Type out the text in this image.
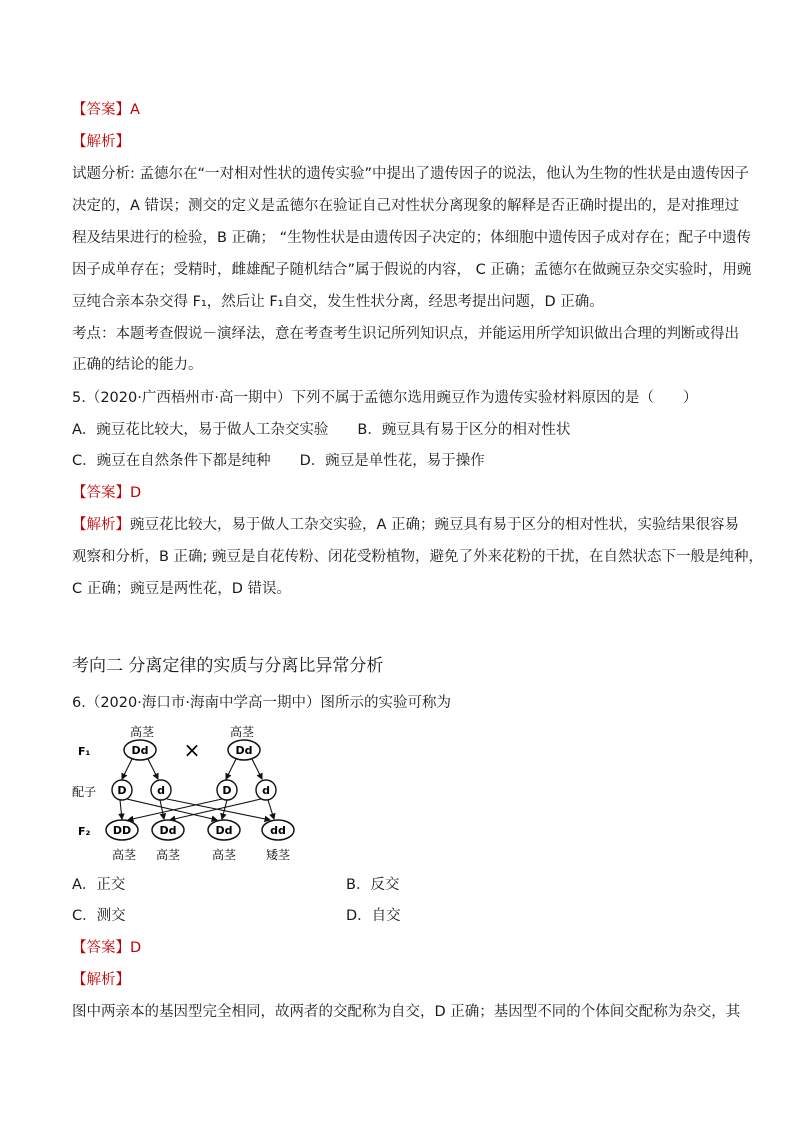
【答案】A
【解析】
试题分析: 孟德尔在“一对相对性状的遗传实验”中提出了遗传因子的说法，他认为生物的性状是由遗传因子
决定的，A 错误；测交的定义是孟德尔在验证自己对性状分离现象的解释是否正确时提出的，是对推理过
程及结果进行的检验，B 正确； “生物性状是由遗传因子决定的；体细胞中遗传因子成对存在；配子中遗传
因子成单存在；受精时，雌雄配子随机结合”属于假说的内容， C 正确；孟德尔在做豌豆杂交实验时，用豌
豆纯合亲本杂交得 F₁，然后让 F₁自交，发生性状分离，经思考提出问题，D 正确。
考点：本题考查假说－演绎法，意在考查考生识记所列知识点，并能运用所学知识做出合理的判断或得出
正确的结论的能力。
5.（2020·广西梧州市·高一期中）下列不属于孟德尔选用豌豆作为遗传实验材料原因的是（　　）
A．豌豆花比较大，易于做人工杂交实验　　B．豌豆具有易于区分的相对性状
C．豌豆在自然条件下都是纯种　　D．豌豆是单性花，易于操作
【答案】D
【解析】豌豆花比较大，易于做人工杂交实验，A 正确；豌豆具有易于区分的相对性状，实验结果很容易
观察和分析，B 正确; 豌豆是自花传粉、闭花受粉植物，避免了外来花粉的干扰，在自然状态下一般是纯种，
C 正确；豌豆是两性花，D 错误。
考向二 分离定律的实质与分离比异常分析
6.（2020·海口市·海南中学高一期中）图所示的实验可称为
F₁
配子
F₂
高茎	高茎
Dd	Dd
×
D	d	D	d
DD	Dd	Dd	dd
高茎 高茎	高茎 矮茎
A．正交	B．反交
C．测交	D．自交
【答案】D
【解析】
图中两亲本的基因型完全相同，故两者的交配称为自交，D 正确；基因型不同的个体间交配称为杂交，其
